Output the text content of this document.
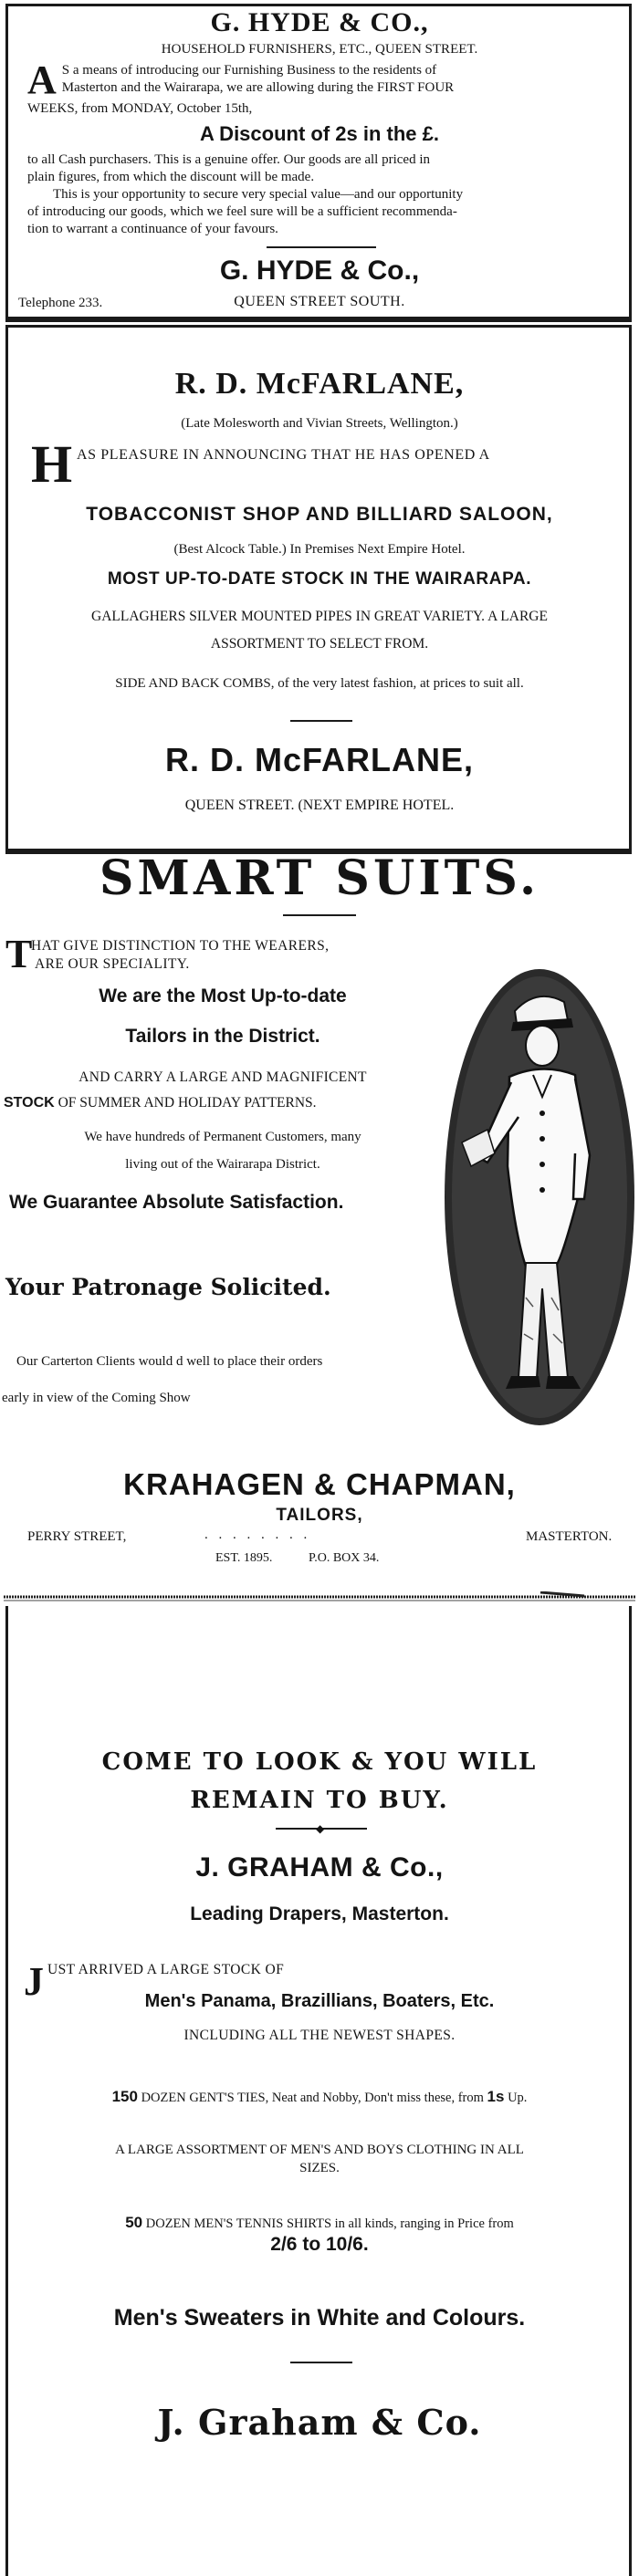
G. HYDE & CO.,
HOUSEHOLD FURNISHERS, ETC., QUEEN STREET.
A S a means of introducing our Furnishing Business to the residents of
Masterton and the Wairarapa, we are allowing during the FIRST FOUR
WEEKS, from MONDAY, October 15th,
A Discount of 2s in the £.
to all Cash purchasers. This is a genuine offer. Our goods are all priced in
plain figures, from which the discount will be made.
This is your opportunity to secure very special value—and our opportunity
of introducing our goods, which we feel sure will be a sufficient recommenda-
tion to warrant a continuance of your favours.
G. HYDE & Co.,
Telephone 233.	QUEEN STREET SOUTH.
R. D. McFARLANE,
(Late Molesworth and Vivian Streets, Wellington.)
H AS PLEASURE IN ANNOUNCING THAT HE HAS OPENED A
TOBACCONIST SHOP AND BILLIARD SALOON,
(Best Alcock Table.) In Premises Next Empire Hotel.
MOST UP-TO-DATE STOCK IN THE WAIRARAPA.
GALLAGHERS SILVER MOUNTED PIPES IN GREAT VARIETY. A LARGE
ASSORTMENT TO SELECT FROM.
SIDE AND BACK COMBS, of the very latest fashion, at prices to suit all.
R. D. McFARLANE,
QUEEN STREET. (NEXT EMPIRE HOTEL.
SMART SUITS.
T
HAT GIVE DISTINCTION TO THE WEARERS,
ARE OUR SPECIALITY.
We are the Most Up-to-date
Tailors in the District.
AND CARRY A LARGE AND MAGNIFICENT
STOCK OF SUMMER AND HOLIDAY PATTERNS.
We have hundreds of Permanent Customers, many
living out of the Wairarapa District.
We Guarantee Absolute Satisfaction.
Your Patronage Solicited.
Our Carterton Clients would d well to place their orders
early in view of the Coming Show
KRAHAGEN & CHAPMAN,
TAILORS,
PERRY STREET,	. . . . . . . .	MASTERTON.
EST. 1895.	P.O. BOX 34.
COME TO LOOK & YOU WILL
REMAIN TO BUY.
◆
J. GRAHAM & Co.,
Leading Drapers, Masterton.
J UST ARRIVED A LARGE STOCK OF
Men's Panama, Brazillians, Boaters, Etc.
INCLUDING ALL THE NEWEST SHAPES.
150 DOZEN GENT'S TIES, Neat and Nobby, Don't miss these, from 1s Up.
A LARGE ASSORTMENT OF MEN'S AND BOYS CLOTHING IN ALL
SIZES.
50 DOZEN MEN'S TENNIS SHIRTS in all kinds, ranging in Price from
2/6 to 10/6.
Men's Sweaters in White and Colours.
J. Graham & Co.
